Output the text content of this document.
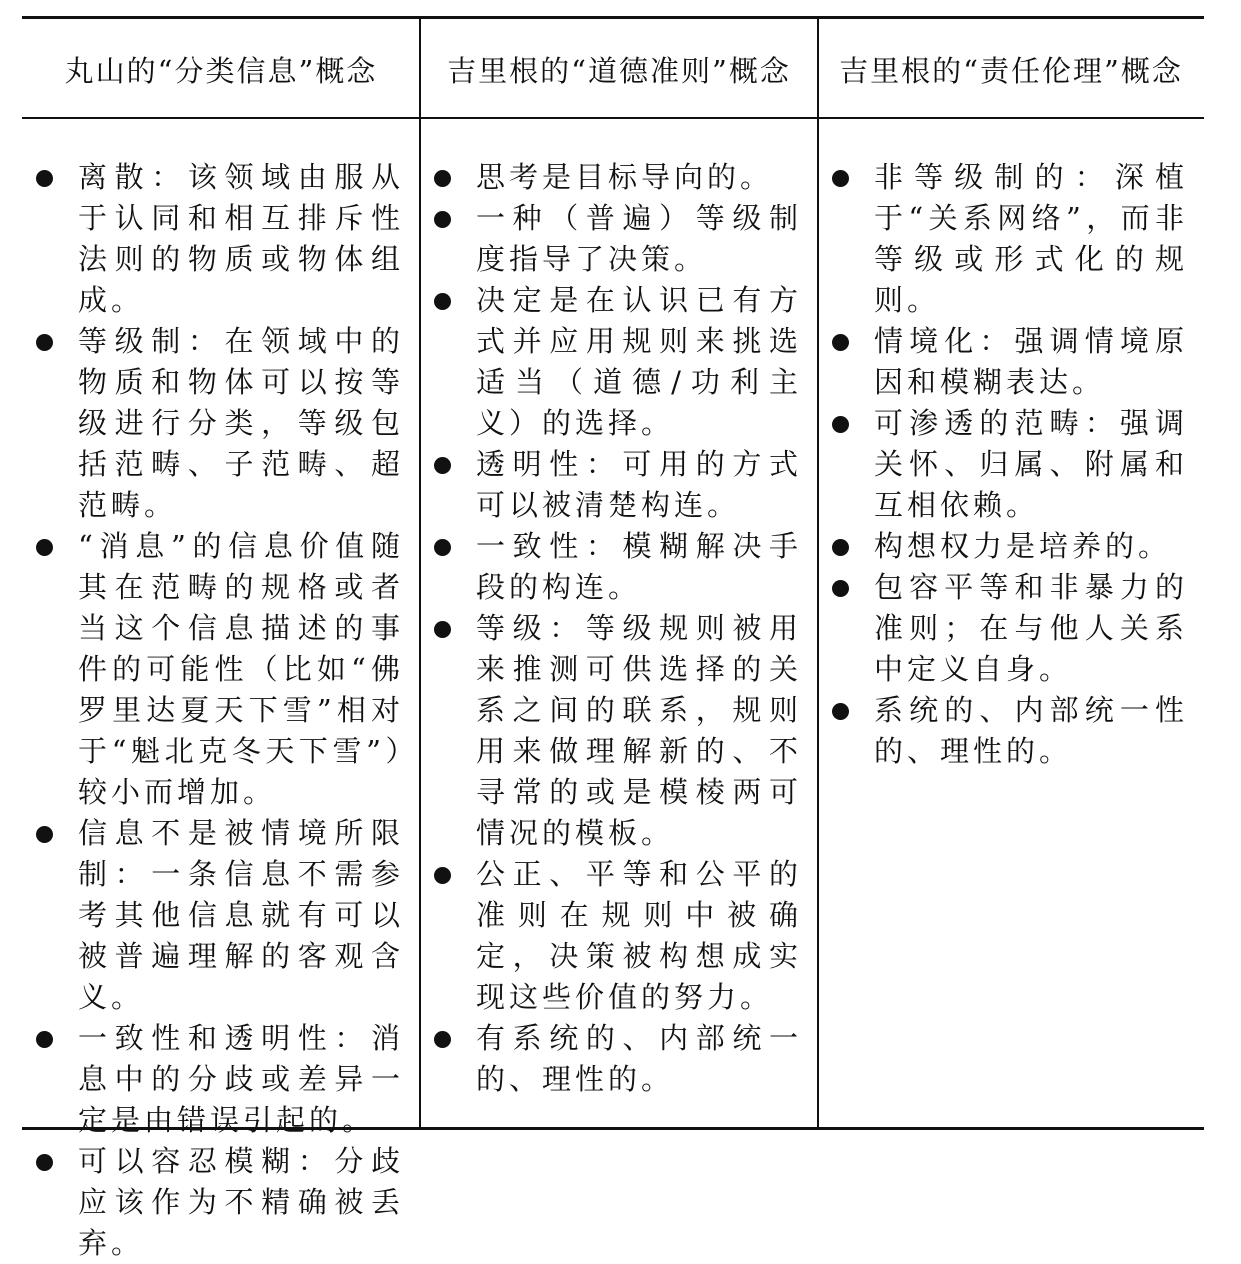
丸山的“分类信息”概念	吉里根的“道德准则”概念	吉里根的“责任伦理”概念
离散：该领域由服从于认同和相互排斥性法则的物质或物体组成。
等级制：在领域中的物质和物体可以按等级进行分类，等级包括范畴、子范畴、超范畴。
“消息”的信息价值随其在范畴的规格或者当这个信息描述的事件的可能性（比如“佛罗里达夏天下雪”相对于“魁北克冬天下雪”）较小而增加。
信息不是被情境所限制：一条信息不需参考其他信息就有可以被普遍理解的客观含义。
一致性和透明性：消息中的分歧或差异一定是由错误引起的。
可以容忍模糊：分歧应该作为不精确被丢弃。
思考是目标导向的。
一种（普遍）等级制度指导了决策。
决定是在认识已有方式并应用规则来挑选适当（道德/功利主义）的选择。
透明性：可用的方式可以被清楚构连。
一致性：模糊解决手段的构连。
等级：等级规则被用来推测可供选择的关系之间的联系，规则用来做理解新的、不寻常的或是模棱两可情况的模板。
公正、平等和公平的准则在规则中被确定，决策被构想成实现这些价值的努力。
有系统的、内部统一的、理性的。
非等级制的：深植于“关系网络”，而非等级或形式化的规则。
情境化：强调情境原因和模糊表达。
可渗透的范畴：强调关怀、归属、附属和互相依赖。
构想权力是培养的。
包容平等和非暴力的准则；在与他人关系中定义自身。
系统的、内部统一性的、理性的。
